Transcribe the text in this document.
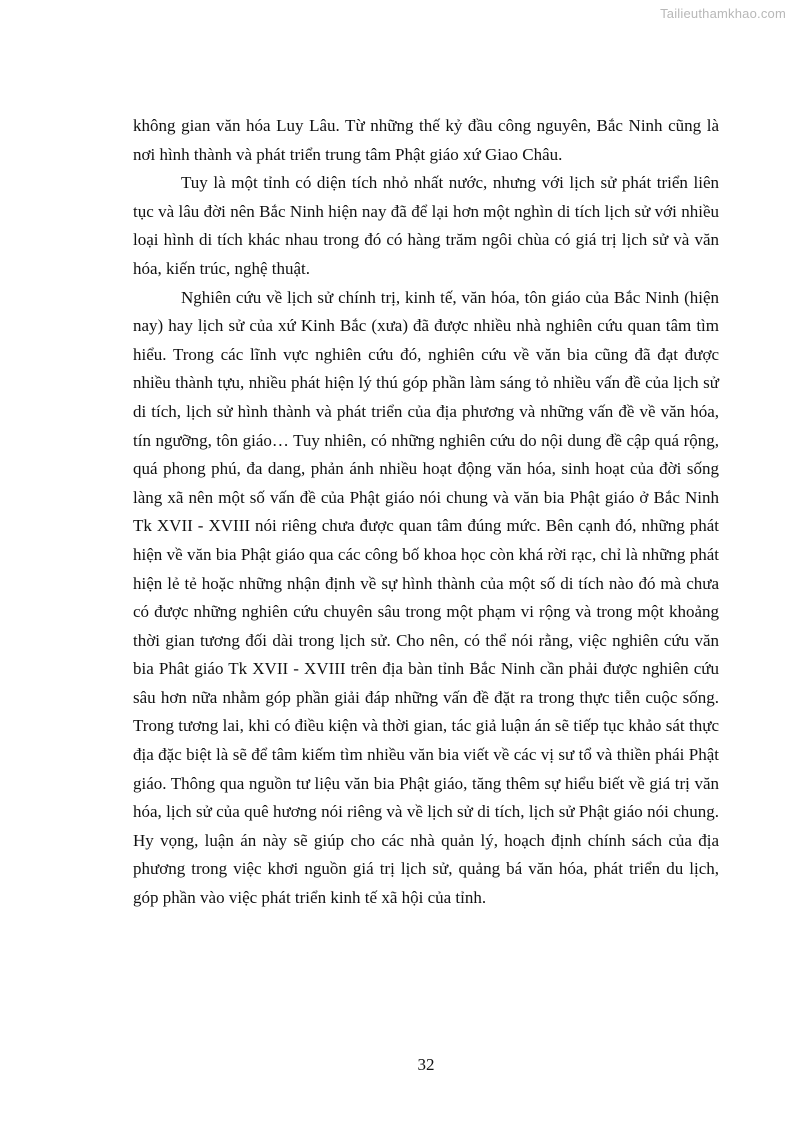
Tailieuthamkhao.com

không gian văn hóa Luy Lâu. Từ những thế kỷ đầu công nguyên, Bắc Ninh cũng là nơi hình thành và phát triển trung tâm Phật giáo xứ Giao Châu.

Tuy là một tỉnh có diện tích nhỏ nhất nước, nhưng với lịch sử phát triển liên tục và lâu đời nên Bắc Ninh hiện nay đã để lại hơn một nghìn di tích lịch sử với nhiều loại hình di tích khác nhau trong đó có hàng trăm ngôi chùa có giá trị lịch sử và văn hóa, kiến trúc, nghệ thuật.

Nghiên cứu về lịch sử chính trị, kinh tế, văn hóa, tôn giáo của Bắc Ninh (hiện nay) hay lịch sử của xứ Kinh Bắc (xưa) đã được nhiều nhà nghiên cứu quan tâm tìm hiểu. Trong các lĩnh vực nghiên cứu đó, nghiên cứu về văn bia cũng đã đạt được nhiều thành tựu, nhiều phát hiện lý thú góp phần làm sáng tỏ nhiều vấn đề của lịch sử di tích, lịch sử hình thành và phát triển của địa phương và những vấn đề về văn hóa, tín ngưỡng, tôn giáo… Tuy nhiên, có những nghiên cứu do nội dung đề cập quá rộng, quá phong phú, đa dang, phản ánh nhiều hoạt động văn hóa, sinh hoạt của đời sống làng xã nên một số vấn đề của Phật giáo nói chung và văn bia Phật giáo ở Bắc Ninh Tk XVII - XVIII nói riêng chưa được quan tâm đúng mức. Bên cạnh đó, những phát hiện về văn bia Phật giáo qua các công bố khoa học còn khá rời rạc, chỉ là những phát hiện lẻ tẻ hoặc những nhận định về sự hình thành của một số di tích nào đó mà chưa có được những nghiên cứu chuyên sâu trong một phạm vi rộng và trong một khoảng thời gian tương đối dài trong lịch sử. Cho nên, có thể nói rằng, việc nghiên cứu văn bia Phât giáo Tk XVII - XVIII trên địa bàn tỉnh Bắc Ninh cần phải được nghiên cứu sâu hơn nữa nhằm góp phần giải đáp những vấn đề đặt ra trong thực tiễn cuộc sống. Trong tương lai, khi có điều kiện và thời gian, tác giả luận án sẽ tiếp tục khảo sát thực địa đặc biệt là sẽ để tâm kiếm tìm nhiều văn bia viết về các vị sư tổ và thiền phái Phật giáo. Thông qua nguồn tư liệu văn bia Phật giáo, tăng thêm sự hiểu biết về giá trị văn hóa, lịch sử của quê hương nói riêng và về lịch sử di tích, lịch sử Phật giáo nói chung. Hy vọng, luận án này sẽ giúp cho các nhà quản lý, hoạch định chính sách của địa phương trong việc khơi nguồn giá trị lịch sử, quảng bá văn hóa, phát triển du lịch, góp phần vào việc phát triển kinh tế xã hội của tỉnh.

32
